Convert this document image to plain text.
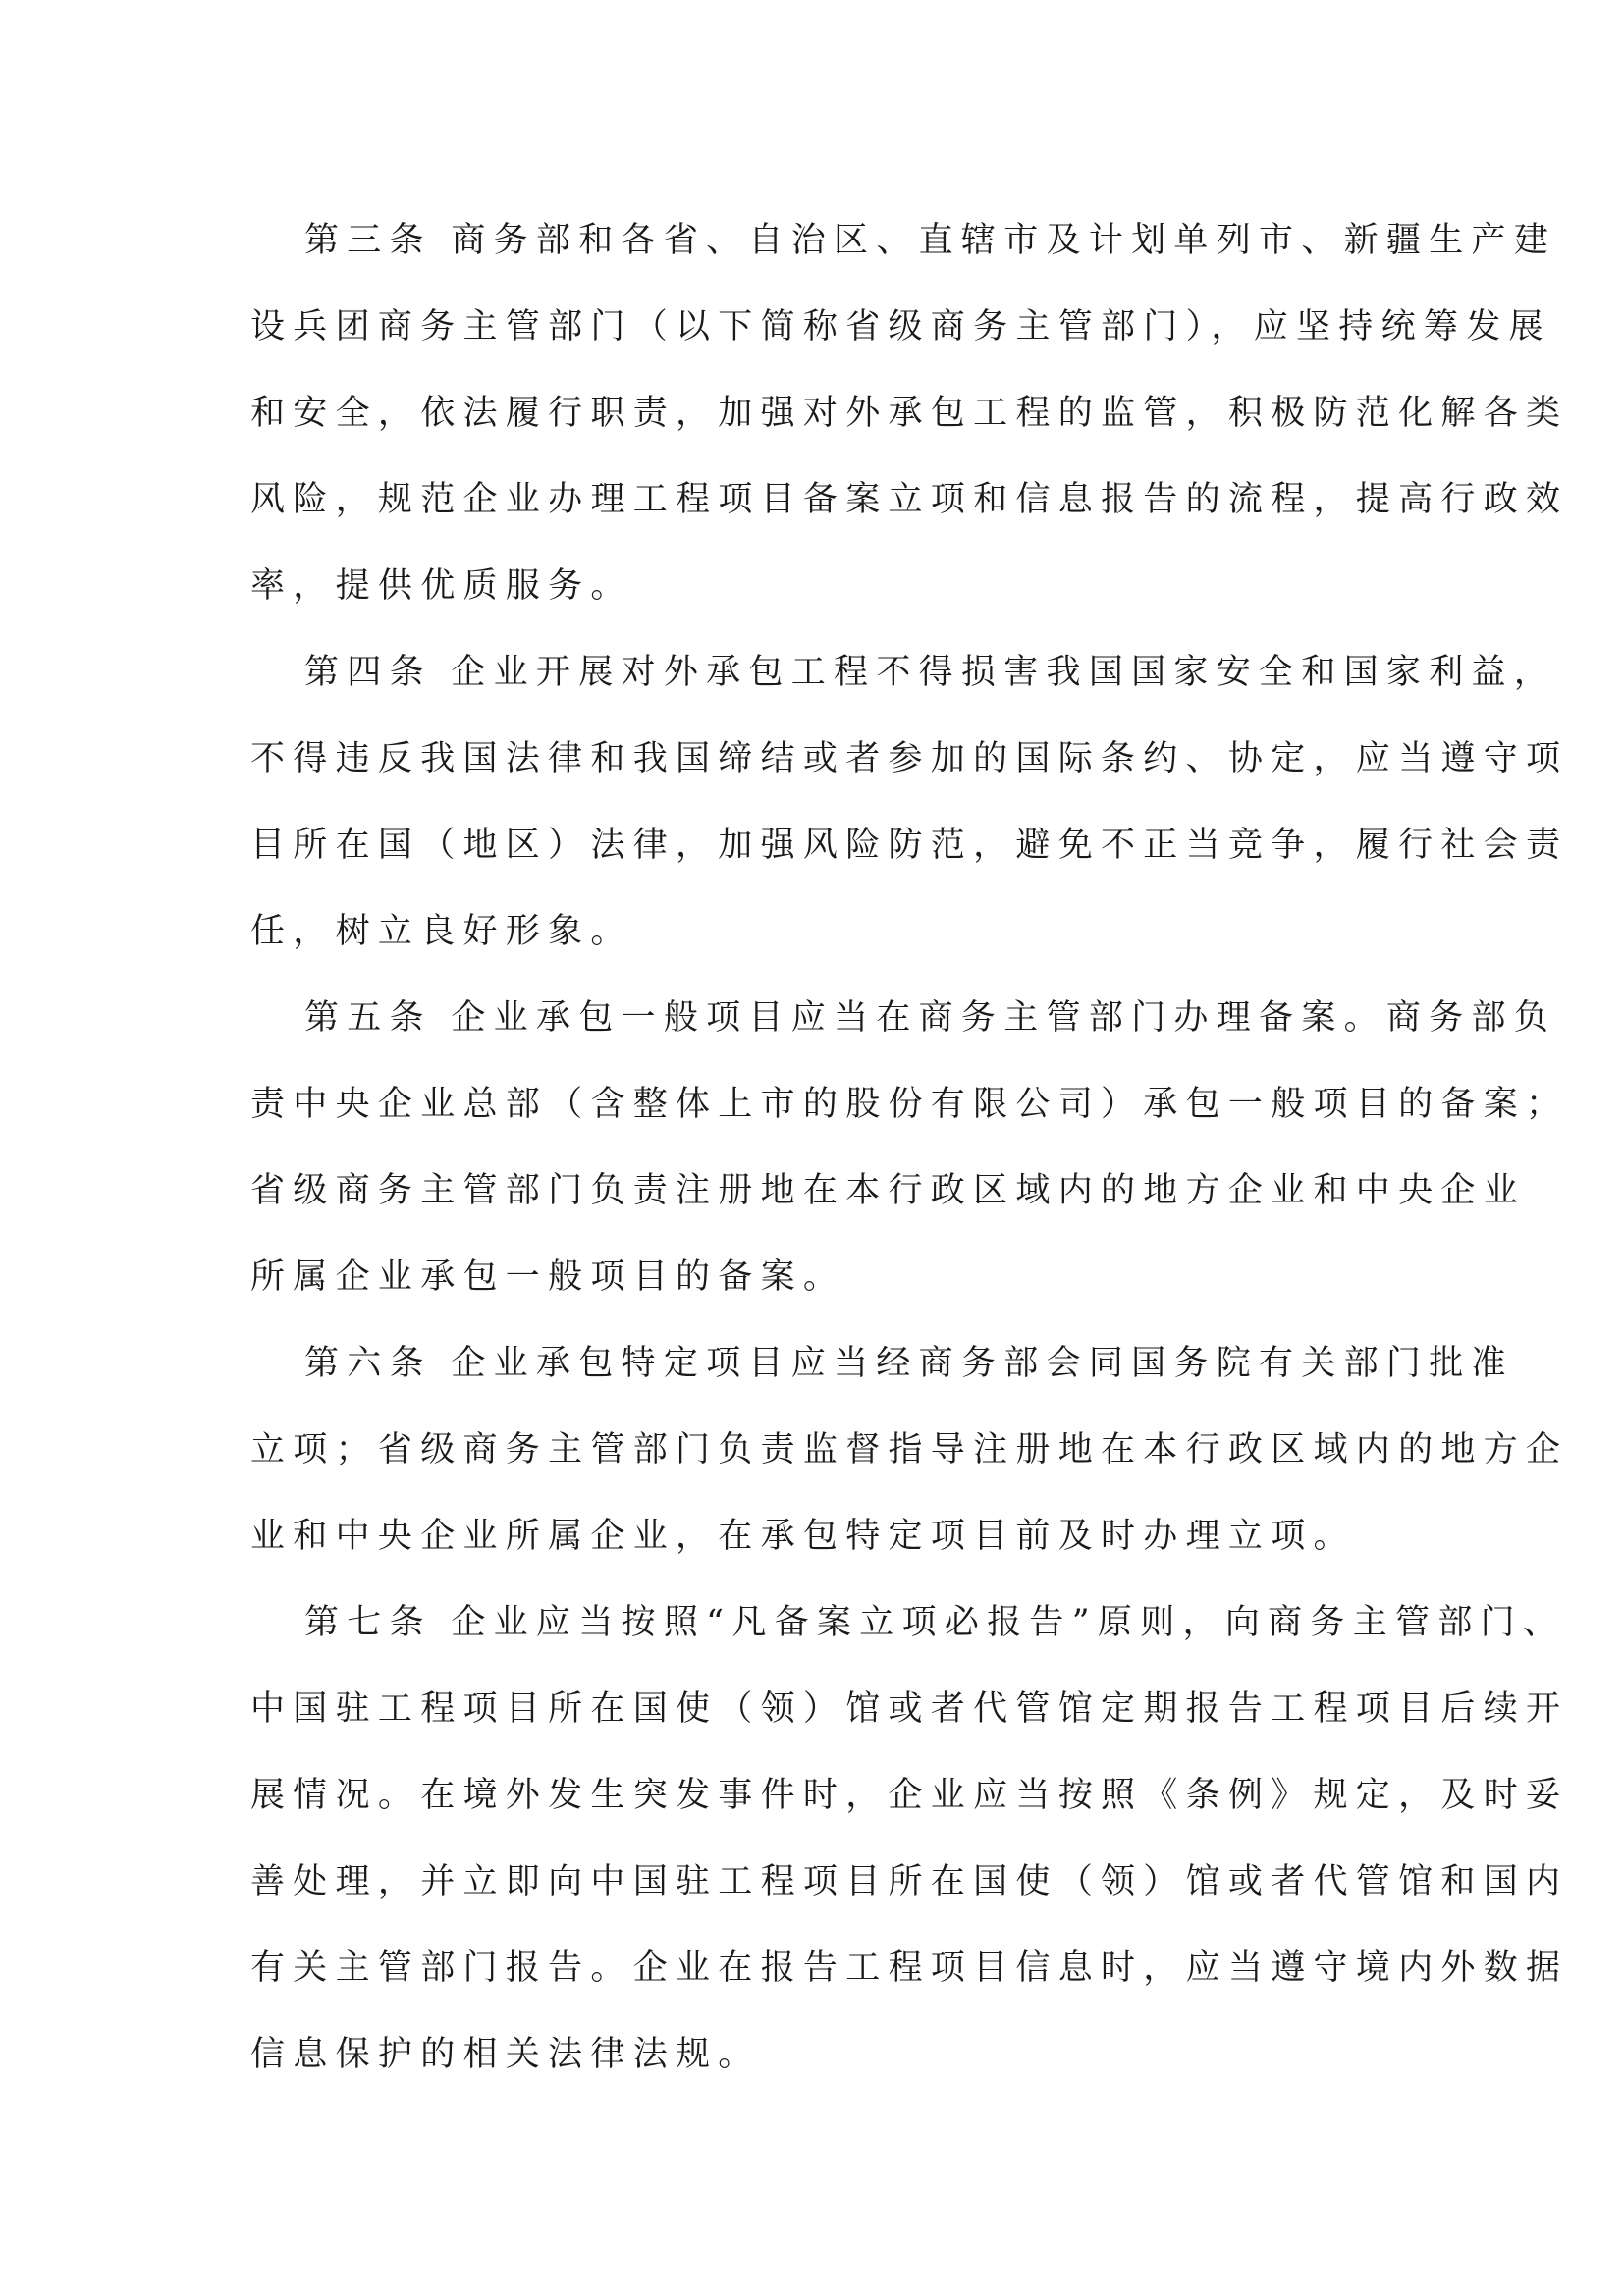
第三条 商务部和各省、自治区、直辖市及计划单列市、新疆生产建
设兵团商务主管部门（以下简称省级商务主管部门），应坚持统筹发展
和安全，依法履行职责，加强对外承包工程的监管，积极防范化解各类
风险，规范企业办理工程项目备案立项和信息报告的流程，提高行政效
率，提供优质服务。
第四条 企业开展对外承包工程不得损害我国国家安全和国家利益，
不得违反我国法律和我国缔结或者参加的国际条约、协定，应当遵守项
目所在国（地区）法律，加强风险防范，避免不正当竞争，履行社会责
任，树立良好形象。
第五条 企业承包一般项目应当在商务主管部门办理备案。商务部负
责中央企业总部（含整体上市的股份有限公司）承包一般项目的备案；
省级商务主管部门负责注册地在本行政区域内的地方企业和中央企业
所属企业承包一般项目的备案。
第六条 企业承包特定项目应当经商务部会同国务院有关部门批准
立项；省级商务主管部门负责监督指导注册地在本行政区域内的地方企
业和中央企业所属企业，在承包特定项目前及时办理立项。
第七条 企业应当按照“凡备案立项必报告”原则，向商务主管部门、
中国驻工程项目所在国使（领）馆或者代管馆定期报告工程项目后续开
展情况。在境外发生突发事件时，企业应当按照《条例》规定，及时妥
善处理，并立即向中国驻工程项目所在国使（领）馆或者代管馆和国内
有关主管部门报告。企业在报告工程项目信息时，应当遵守境内外数据
信息保护的相关法律法规。
